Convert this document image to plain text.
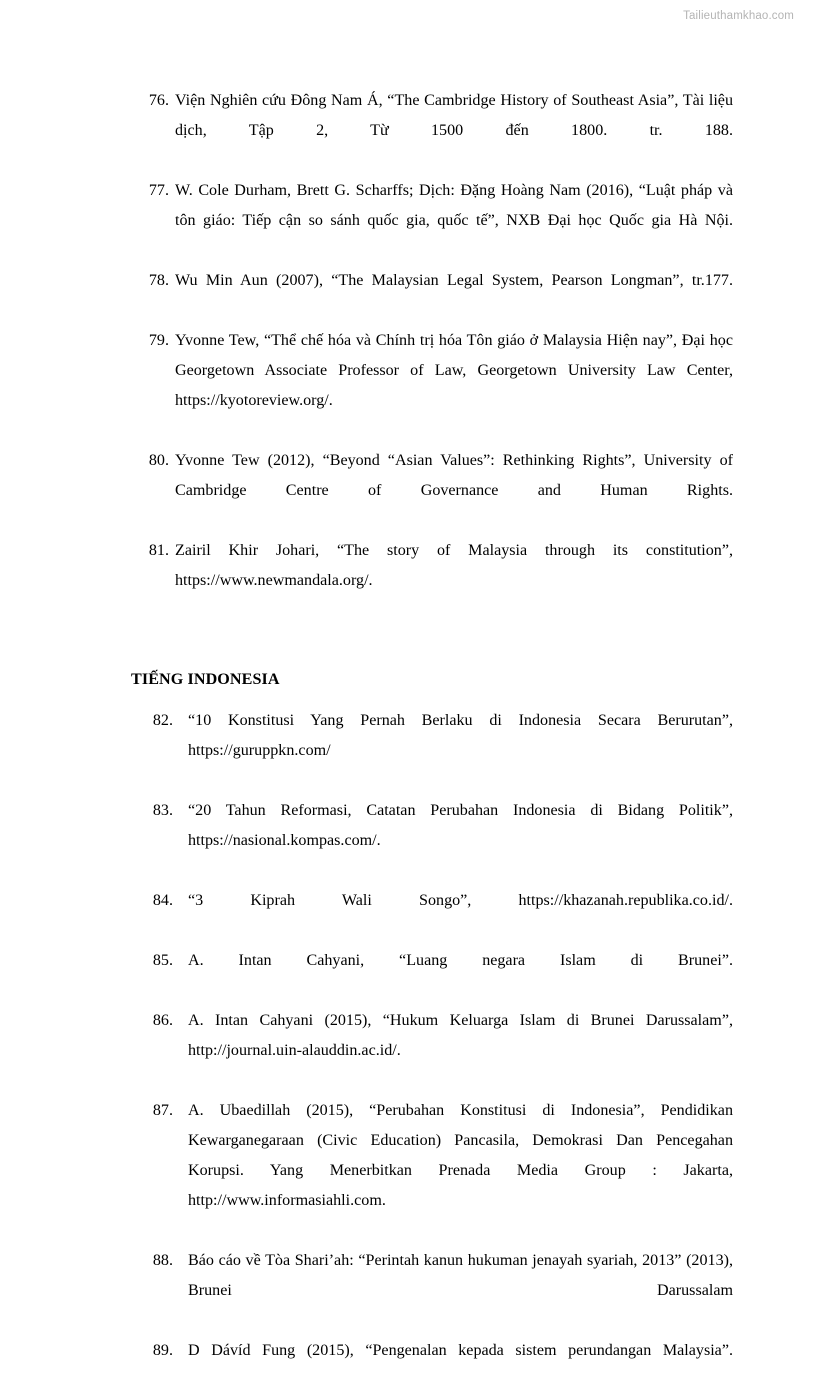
Tailieuthamkhao.com
76. Viện Nghiên cứu Đông Nam Á, “The Cambridge History of Southeast Asia”, Tài liệu dịch, Tập 2, Từ 1500 đến 1800. tr. 188.
77. W. Cole Durham, Brett G. Scharffs; Dịch: Đặng Hoàng Nam (2016), “Luật pháp và tôn giáo: Tiếp cận so sánh quốc gia, quốc tế”, NXB Đại học Quốc gia Hà Nội.
78. Wu Min Aun (2007), “The Malaysian Legal System, Pearson Longman”, tr.177.
79. Yvonne Tew, “Thể chế hóa và Chính trị hóa Tôn giáo ở Malaysia Hiện nay”, Đại học Georgetown Associate Professor of Law, Georgetown University Law Center, https://kyotoreview.org/.
80. Yvonne Tew (2012), “Beyond “Asian Values”: Rethinking Rights”, University of Cambridge Centre of Governance and Human Rights.
81. Zairil Khir Johari, “The story of Malaysia through its constitution”, https://www.newmandala.org/.
TIẾNG INDONESIA
82. “10 Konstitusi Yang Pernah Berlaku di Indonesia Secara Berurutan”, https://guruppkn.com/
83. “20 Tahun Reformasi, Catatan Perubahan Indonesia di Bidang Politik”, https://nasional.kompas.com/.
84. “3 Kiprah Wali Songo”, https://khazanah.republika.co.id/.
85. A. Intan Cahyani, “Luang negara Islam di Brunei”.
86. A. Intan Cahyani (2015), “Hukum Keluarga Islam di Brunei Darussalam”, http://journal.uin-alauddin.ac.id/.
87. A. Ubaedillah (2015), “Perubahan Konstitusi di Indonesia”, Pendidikan Kewarganegaraan (Civic Education) Pancasila, Demokrasi Dan Pencegahan Korupsi. Yang Menerbitkan Prenada Media Group : Jakarta, http://www.informasiahli.com.
88. Báo cáo về Tòa Shari’ah: “Perintah kanun hukuman jenayah syariah, 2013” (2013), Brunei Darussalam
89. D Dávíd Fung (2015), “Pengenalan kepada sistem perundangan Malaysia”.
